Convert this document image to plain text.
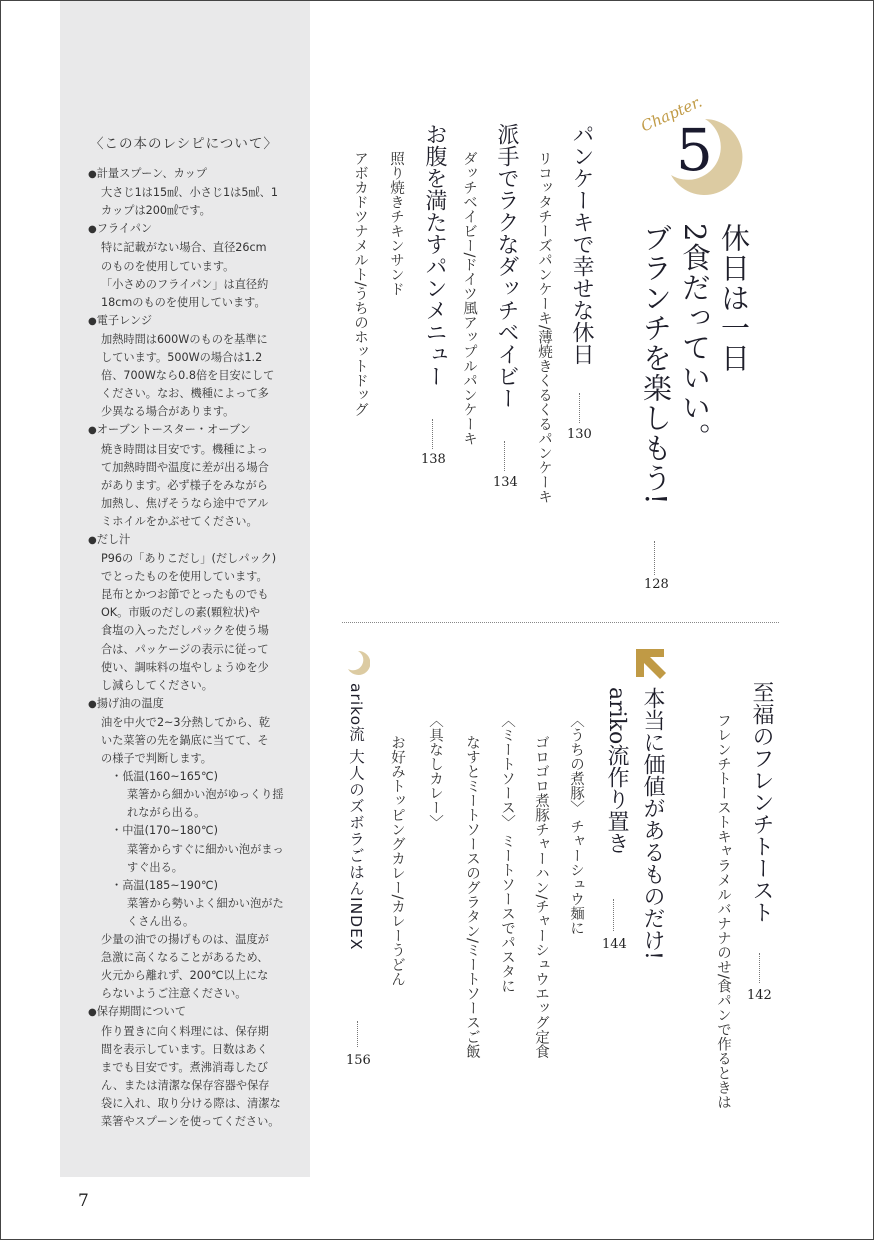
〈この本のレシピについて〉
● 計量スプーン、カップ
大さじ1は15㎖、小さじ1は5㎖、1
カップは200㎖です。
● フライパン
特に記載がない場合、直径26cm
のものを使用しています。
「小さめのフライパン」は直径約
18cmのものを使用しています。
● 電子レンジ
加熱時間は600Wのものを基準に
しています。500Wの場合は1.2
倍、700Wなら0.8倍を目安にして
ください。なお、機種によって多
少異なる場合があります。
● オーブントースター・オーブン
焼き時間は目安です。機種によっ
て加熱時間や温度に差が出る場合
があります。必ず様子をみながら
加熱し、焦げそうなら途中でアル
ミホイルをかぶせてください。
● だし汁
P96の「ありこだし」(だしパック)
でとったものを使用しています。
昆布とかつお節でとったものでも
OK。市販のだしの素(顆粒状)や
食塩の入っただしパックを使う場
合は、パッケージの表示に従って
使い、調味料の塩やしょうゆを少
し減らしてください。
● 揚げ油の温度
油を中火で2~3分熱してから、乾
いた菜箸の先を鍋底に当てて、そ
の様子で判断します。
・ 低温(160~165℃)
菜箸から細かい泡がゆっくり揺
れながら出る。
・ 中温(170~180℃)
菜箸からすぐに細かい泡がまっ
すぐ出る。
・ 高温(185~190℃)
菜箸から勢いよく細かい泡がた
くさん出る。
少量の油での揚げものは、温度が
急激に高くなることがあるため、
火元から離れず、200℃以上にな
らないようご注意ください。
● 保存期間について
作り置きに向く料理には、保存期
間を表示しています。日数はあく
までも目安です。煮沸消毒したび
ん、または清潔な保存容器や保存
袋に入れ、取り分ける際は、清潔な
菜箸やスプーンを使ってください。
7
Chapter.
5
休日は一日
2食だっていい。
ブランチを楽しもう!
128
パンケーキで幸せな休日
130
リコッタチーズパンケーキ/薄焼きくるくるパンケーキ
派手でラクなダッチベイビー
134
ダッチベイビー/ドイツ風アップルパンケーキ
お腹を満たすパンメニュー
138
照り焼きチキンサンド
アボカドツナメルト/うちのホットドッグ
至福のフレンチトースト
142
フレンチトーストキャラメルバナナのせ/食パンで作るときは
本当に価値があるものだけ!
ariko流作り置き
144
〈うちの煮豚〉 チャーシュウ麺に
ゴロゴロ煮豚チャーハン/チャーシュウエッグ定食
〈ミートソース〉 ミートソースでパスタに
なすとミートソースのグラタン/ミートソースご飯
〈具なしカレー〉
お好みトッピングカレー/カレーうどん
ariko流 大人のズボラごはんINDEX
156
